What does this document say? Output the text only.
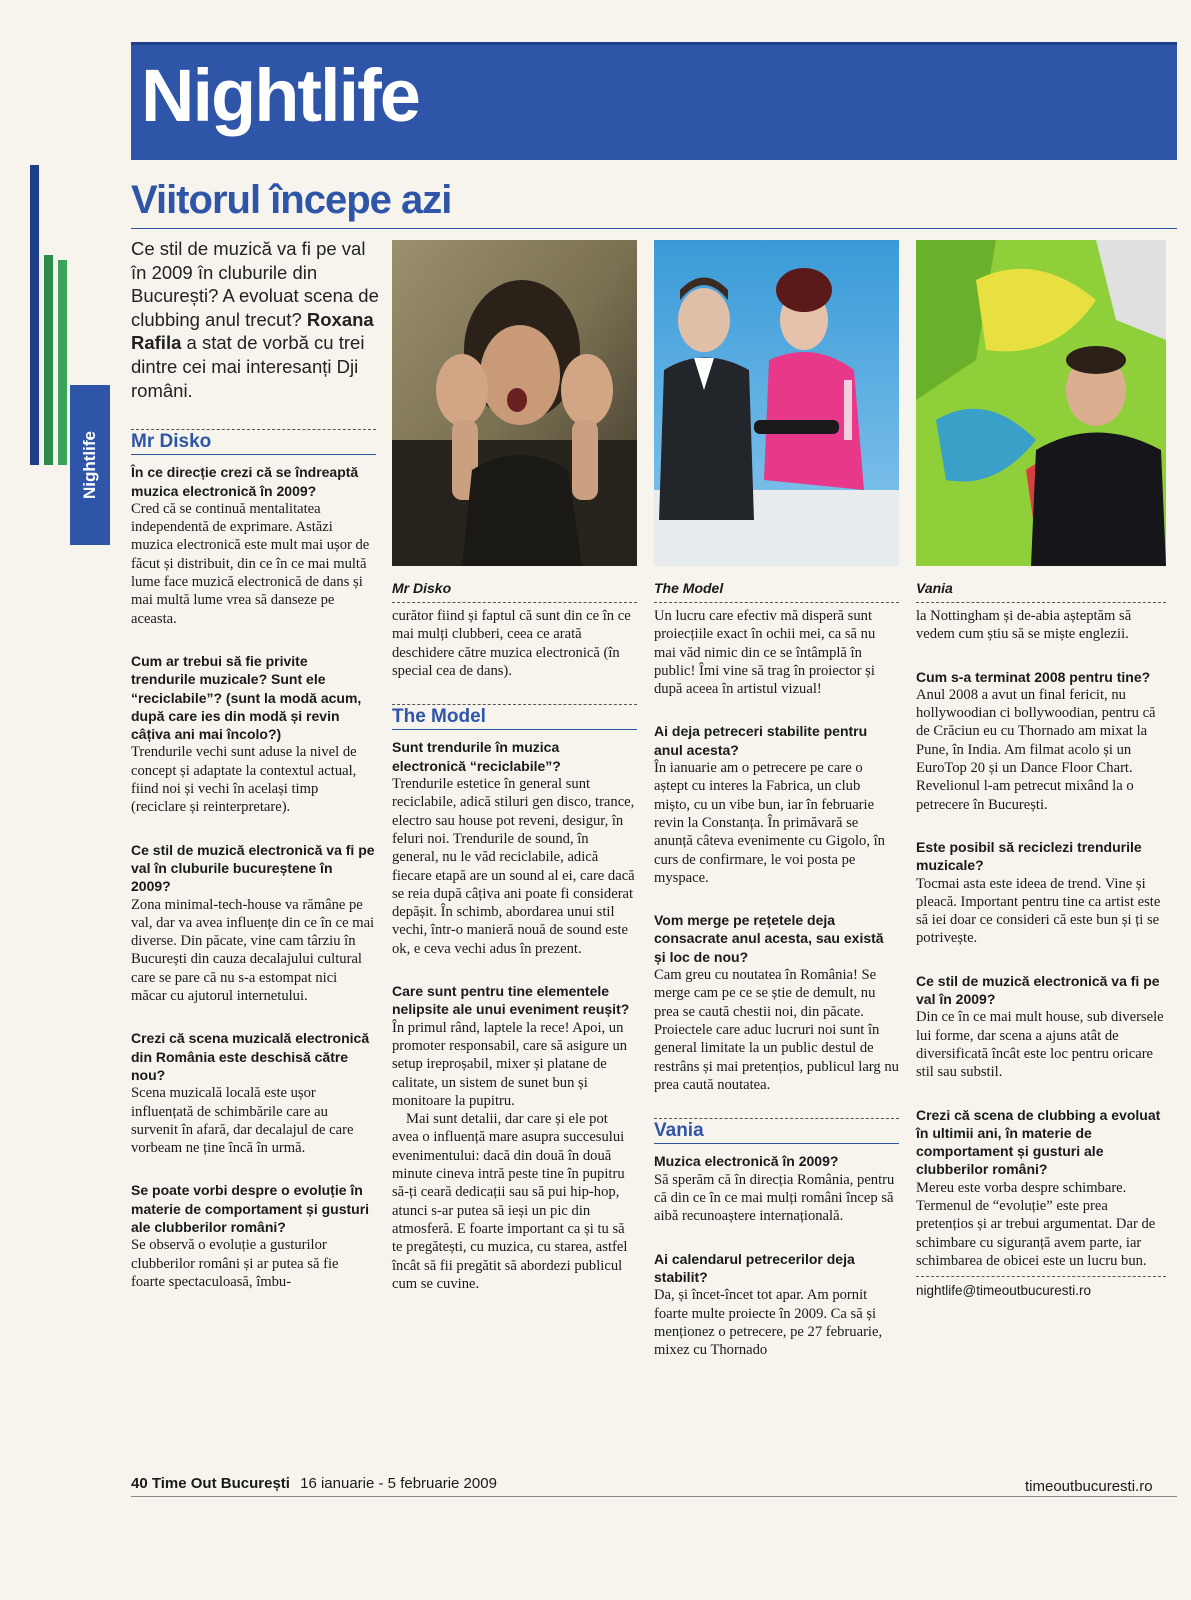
Nightlife
Nightlife
Viitorul începe azi
Ce stil de muzică va fi pe val în 2009 în cluburile din București? A evoluat scena de clubbing anul trecut? Roxana Rafila a stat de vorbă cu trei dintre cei mai interesanți Dji români.
Mr Disko	The Model	Vania
Mr Disko

În ce direcție crezi că se îndreaptă muzica electronică în 2009?

Cred că se continuă mentalitatea independentă de exprimare. Astăzi muzica electronică este mult mai ușor de făcut și distribuit, din ce în ce mai multă lume face muzică electronică de dans și mai multă lume vrea să danseze pe aceasta.

Cum ar trebui să fie privite trendurile muzicale? Sunt ele “reciclabile”? (sunt la modă acum, după care ies din modă și revin câțiva ani mai încolo?)

Trendurile vechi sunt aduse la nivel de concept și adaptate la contextul actual, fiind noi și vechi în același timp (reciclare și reinterpretare).

Ce stil de muzică electronică va fi pe val în cluburile bucureștene în 2009?

Zona minimal-tech-house va rămâne pe val, dar va avea influențe din ce în ce mai diverse. Din păcate, vine cam târziu în București din cauza decalajului cultural care se pare că nu s-a estompat nici măcar cu ajutorul internetului.

Crezi că scena muzicală electronică din România este deschisă către nou?

Scena muzicală locală este ușor influențată de schimbările care au survenit în afară, dar decalajul de care vorbeam ne ține încă în urmă.

Se poate vorbi despre o evoluție în materie de comportament și gusturi ale clubberilor români?

Se observă o evoluție a gusturilor clubberilor români și ar putea să fie foarte spectaculoasă, îmbu-

curător fiind și faptul că sunt din ce în ce mai mulți clubberi, ceea ce arată deschidere către muzica electronică (în special cea de dans).

The Model

Sunt trendurile în muzica electronică “reciclabile”?

Trendurile estetice în general sunt reciclabile, adică stiluri gen disco, trance, electro sau house pot reveni, desigur, în feluri noi. Trendurile de sound, în general, nu le văd reciclabile, adică fiecare etapă are un sound al ei, care dacă se reia după câțiva ani poate fi considerat depășit. În schimb, abordarea unui stil vechi, într-o manieră nouă de sound este ok, e ceva vechi adus în prezent.

Care sunt pentru tine elementele nelipsite ale unui eveniment reușit?

În primul rând, laptele la rece! Apoi, un promoter responsabil, care să asigure un setup ireproșabil, mixer și platane de calitate, un sistem de sunet bun și monitoare la pupitru.

Mai sunt detalii, dar care și ele pot avea o influență mare asupra succesului evenimentului: dacă din două în două minute cineva intră peste tine în pupitru să-ți ceară dedicații sau să pui hip-hop, atunci s-ar putea să ieși un pic din atmosferă. E foarte important ca și tu să te pregătești, cu muzica, cu starea, astfel încât să fii pregătit să abordezi publicul cum se cuvine.

Un lucru care efectiv mă disperă sunt proiecțiile exact în ochii mei, ca să nu mai văd nimic din ce se întâmplă în public! Îmi vine să trag în proiector și după aceea în artistul vizual!

Ai deja petreceri stabilite pentru anul acesta?

În ianuarie am o petrecere pe care o aștept cu interes la Fabrica, un club mișto, cu un vibe bun, iar în februarie revin la Constanța. În primăvară se anunță câteva evenimente cu Gigolo, în curs de confirmare, le voi posta pe myspace.

Vom merge pe rețetele deja consacrate anul acesta, sau există și loc de nou?

Cam greu cu noutatea în România! Se merge cam pe ce se știe de demult, nu prea se caută chestii noi, din păcate. Proiectele care aduc lucruri noi sunt în general limitate la un public destul de restrâns și mai pretențios, publicul larg nu prea caută noutatea.

Vania

Muzica electronică în 2009?

Să sperăm că în direcția România, pentru că din ce în ce mai mulți români încep să aibă recunoaștere internațională.

Ai calendarul petrecerilor deja stabilit?

Da, și încet-încet tot apar. Am pornit foarte multe proiecte în 2009. Ca să și menționez o petrecere, pe 27 februarie, mixez cu Thornado

la Nottingham și de-abia așteptăm să vedem cum știu să se miște englezii.

Cum s-a terminat 2008 pentru tine?

Anul 2008 a avut un final fericit, nu hollywoodian ci bollywoodian, pentru că de Crăciun eu cu Thornado am mixat la Pune, în India. Am filmat acolo și un EuroTop 20 și un Dance Floor Chart. Revelionul l-am petrecut mixând la o petrecere în București.

Este posibil să reciclezi trendurile muzicale?

Tocmai asta este ideea de trend. Vine și pleacă. Important pentru tine ca artist este să iei doar ce consideri că este bun și ți se potrivește.

Ce stil de muzică electronică va fi pe val în 2009?

Din ce în ce mai mult house, sub diversele lui forme, dar scena a ajuns atât de diversificată încât este loc pentru oricare stil sau substil.

Crezi că scena de clubbing a evoluat în ultimii ani, în materie de comportament și gusturi ale clubberilor români?

Mereu este vorba despre schimbare. Termenul de “evoluție” este prea pretențios și ar trebui argumentat. Dar de schimbare cu siguranță avem parte, iar schimbarea de obicei este un lucru bun.

nightlife@timeoutbucuresti.ro
40 Time Out București 16 ianuarie - 5 februarie 2009	timeoutbucuresti.ro
